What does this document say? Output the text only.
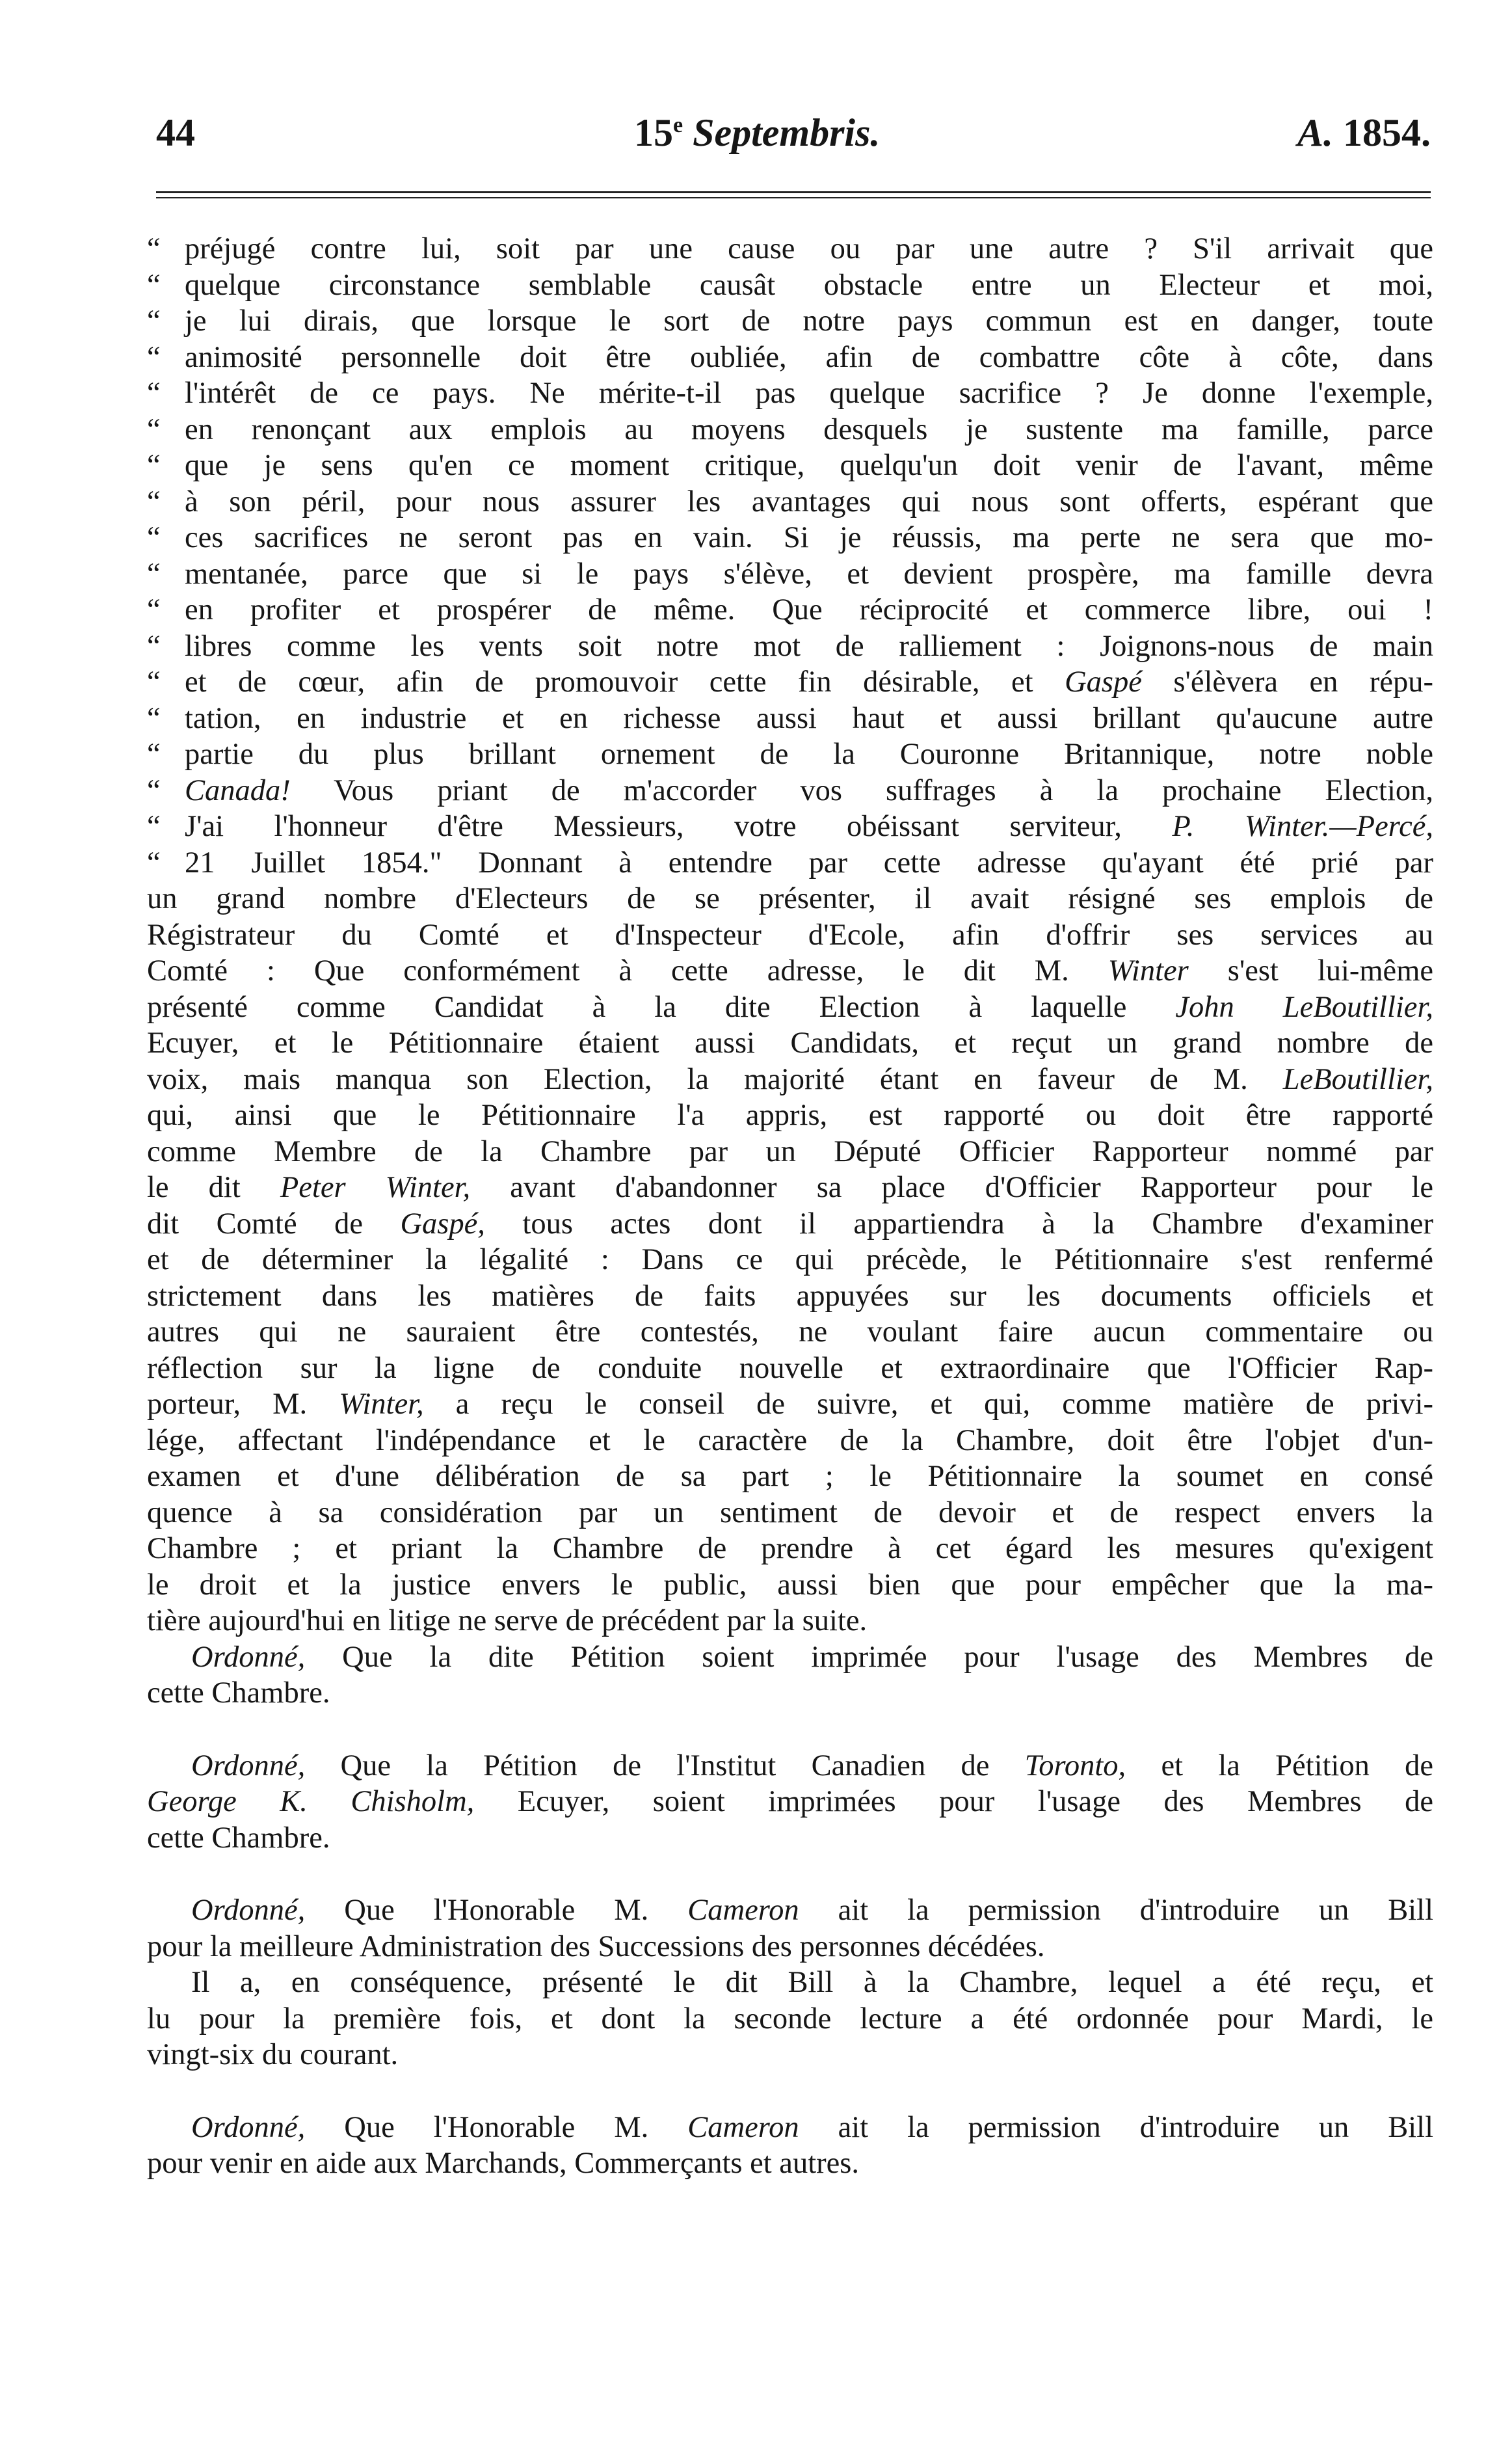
44	15e Septembris.	A. 1854.
“ préjugé contre lui, soit par une cause ou par une autre ? S'il arrivait que
“ quelque circonstance semblable causât obstacle entre un Electeur et moi,
“ je lui dirais, que lorsque le sort de notre pays commun est en danger, toute
“ animosité personnelle doit être oubliée, afin de combattre côte à côte, dans
“ l'intérêt de ce pays. Ne mérite-t-il pas quelque sacrifice ? Je donne l'exemple,
“ en renonçant aux emplois au moyens desquels je sustente ma famille, parce
“ que je sens qu'en ce moment critique, quelqu'un doit venir de l'avant, même
“ à son péril, pour nous assurer les avantages qui nous sont offerts, espérant que
“ ces sacrifices ne seront pas en vain. Si je réussis, ma perte ne sera que mo-
“ mentanée, parce que si le pays s'élève, et devient prospère, ma famille devra
“ en profiter et prospérer de même. Que réciprocité et commerce libre, oui !
“ libres comme les vents soit notre mot de ralliement : Joignons-nous de main
“ et de cœur, afin de promouvoir cette fin désirable, et Gaspé s'élèvera en répu-
“ tation, en industrie et en richesse aussi haut et aussi brillant qu'aucune autre
“ partie du plus brillant ornement de la Couronne Britannique, notre noble
“ Canada! Vous priant de m'accorder vos suffrages à la prochaine Election,
“ J'ai l'honneur d'être Messieurs, votre obéissant serviteur, P. Winter.—Percé,
“ 21 Juillet 1854." Donnant à entendre par cette adresse qu'ayant été prié par
un grand nombre d'Electeurs de se présenter, il avait résigné ses emplois de
Régistrateur du Comté et d'Inspecteur d'Ecole, afin d'offrir ses services au
Comté : Que conformément à cette adresse, le dit M. Winter s'est lui-même
présenté comme Candidat à la dite Election à laquelle John LeBoutillier,
Ecuyer, et le Pétitionnaire étaient aussi Candidats, et reçut un grand nombre de
voix, mais manqua son Election, la majorité étant en faveur de M. LeBoutillier,
qui, ainsi que le Pétitionnaire l'a appris, est rapporté ou doit être rapporté
comme Membre de la Chambre par un Député Officier Rapporteur nommé par
le dit Peter Winter, avant d'abandonner sa place d'Officier Rapporteur pour le
dit Comté de Gaspé, tous actes dont il appartiendra à la Chambre d'examiner
et de déterminer la légalité : Dans ce qui précède, le Pétitionnaire s'est renfermé
strictement dans les matières de faits appuyées sur les documents officiels et
autres qui ne sauraient être contestés, ne voulant faire aucun commentaire ou
réflection sur la ligne de conduite nouvelle et extraordinaire que l'Officier Rap-
porteur, M. Winter, a reçu le conseil de suivre, et qui, comme matière de privi-
lége, affectant l'indépendance et le caractère de la Chambre, doit être l'objet d'un-
examen et d'une délibération de sa part ; le Pétitionnaire la soumet en consé
quence à sa considération par un sentiment de devoir et de respect envers la
Chambre ; et priant la Chambre de prendre à cet égard les mesures qu'exigent
le droit et la justice envers le public, aussi bien que pour empêcher que la ma-
tière aujourd'hui en litige ne serve de précédent par la suite.
Ordonné, Que la dite Pétition soient imprimée pour l'usage des Membres de
cette Chambre.
Ordonné, Que la Pétition de l'Institut Canadien de Toronto, et la Pétition de
George K. Chisholm, Ecuyer, soient imprimées pour l'usage des Membres de
cette Chambre.
Ordonné, Que l'Honorable M. Cameron ait la permission d'introduire un Bill
pour la meilleure Administration des Successions des personnes décédées.
Il a, en conséquence, présenté le dit Bill à la Chambre, lequel a été reçu, et
lu pour la première fois, et dont la seconde lecture a été ordonnée pour Mardi, le
vingt-six du courant.
Ordonné, Que l'Honorable M. Cameron ait la permission d'introduire un Bill
pour venir en aide aux Marchands, Commerçants et autres.
